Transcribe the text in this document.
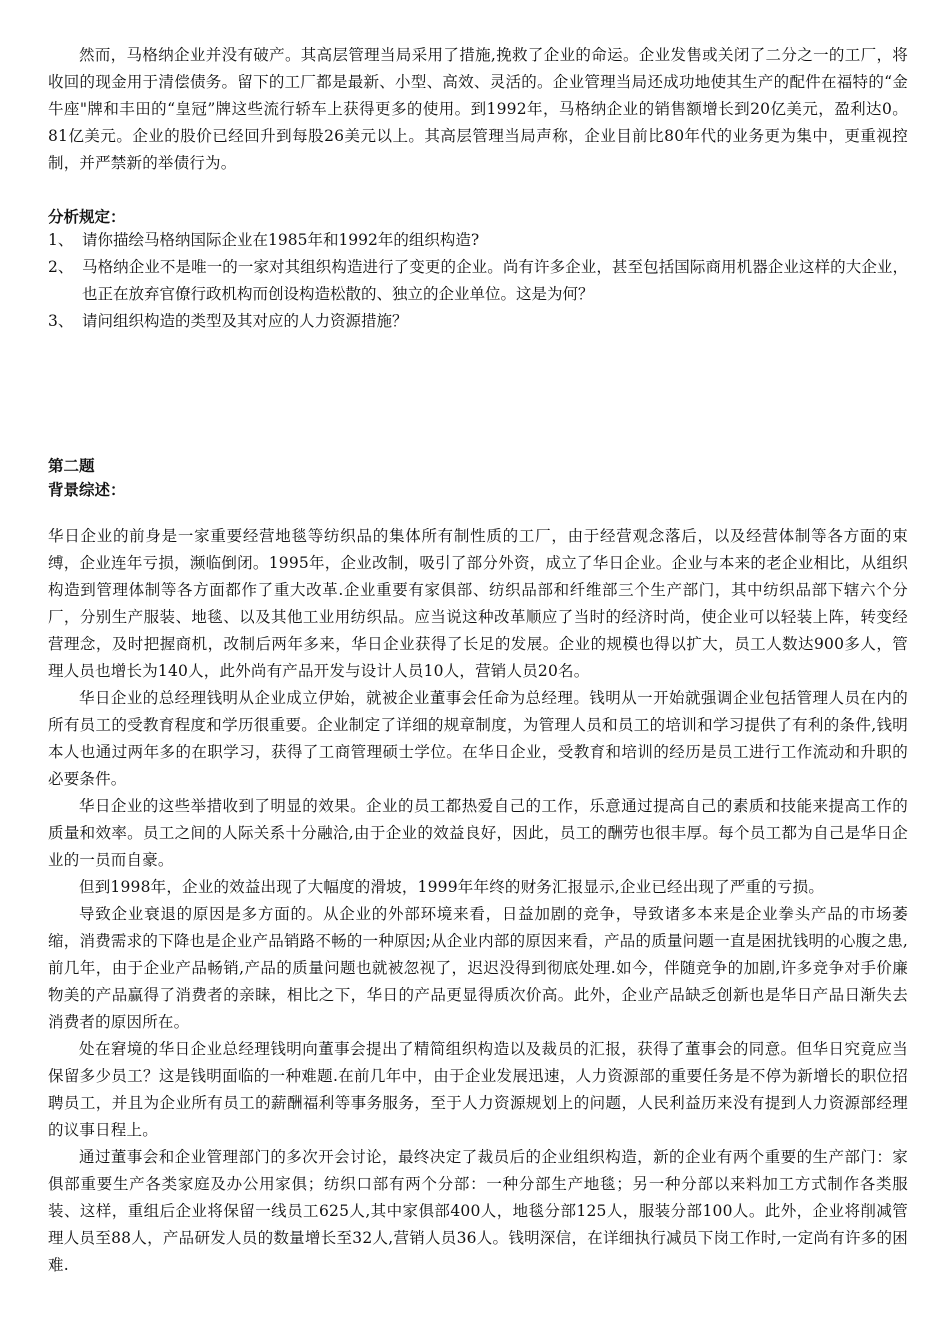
然而，马格纳企业并没有破产。其高层管理当局采用了措施,挽救了企业的命运。企业发售或关闭了二分之一的工厂，将收回的现金用于清偿债务。留下的工厂都是最新、小型、高效、灵活的。企业管理当局还成功地使其生产的配件在福特的“金牛座"牌和丰田的“皇冠”牌这些流行轿车上获得更多的使用。到1992年，马格纳企业的销售额增长到20亿美元，盈利达0。81亿美元。企业的股价已经回升到每股26美元以上。其高层管理当局声称，企业目前比80年代的业务更为集中，更重视控制，并严禁新的举债行为。

分析规定：

1、 请你描绘马格纳国际企业在1985年和1992年的组织构造?
2、 马格纳企业不是唯一的一家对其组织构造进行了变更的企业。尚有许多企业，甚至包括国际商用机器企业这样的大企业，也正在放弃官僚行政机构而创设构造松散的、独立的企业单位。这是为何？
3、 请问组织构造的类型及其对应的人力资源措施？

第二题

背景综述：

华日企业的前身是一家重要经营地毯等纺织品的集体所有制性质的工厂，由于经营观念落后，以及经营体制等各方面的束缚，企业连年亏损，濒临倒闭。1995年，企业改制，吸引了部分外资，成立了华日企业。企业与本来的老企业相比，从组织构造到管理体制等各方面都作了重大改革.企业重要有家俱部、纺织品部和纤维部三个生产部门，其中纺织品部下辖六个分厂，分别生产服装、地毯、以及其他工业用纺织品。应当说这种改革顺应了当时的经济时尚，使企业可以轻装上阵，转变经营理念，及时把握商机，改制后两年多来，华日企业获得了长足的发展。企业的规模也得以扩大，员工人数达900多人，管理人员也增长为140人，此外尚有产品开发与设计人员10人，营销人员20名。

华日企业的总经理钱明从企业成立伊始，就被企业董事会任命为总经理。钱明从一开始就强调企业包括管理人员在内的所有员工的受教育程度和学历很重要。企业制定了详细的规章制度，为管理人员和员工的培训和学习提供了有利的条件,钱明本人也通过两年多的在职学习，获得了工商管理硕士学位。在华日企业，受教育和培训的经历是员工进行工作流动和升职的必要条件。

华日企业的这些举措收到了明显的效果。企业的员工都热爱自己的工作，乐意通过提高自己的素质和技能来提高工作的质量和效率。员工之间的人际关系十分融洽,由于企业的效益良好，因此，员工的酬劳也很丰厚。每个员工都为自己是华日企业的一员而自豪。

但到1998年，企业的效益出现了大幅度的滑坡，1999年年终的财务汇报显示,企业已经出现了严重的亏损。

导致企业衰退的原因是多方面的。从企业的外部环境来看，日益加剧的竞争，导致诸多本来是企业拳头产品的市场萎缩，消费需求的下降也是企业产品销路不畅的一种原因;从企业内部的原因来看，产品的质量问题一直是困扰钱明的心腹之患,前几年，由于企业产品畅销,产品的质量问题也就被忽视了，迟迟没得到彻底处理.如今，伴随竞争的加剧,许多竞争对手价廉物美的产品赢得了消费者的亲睐，相比之下，华日的产品更显得质次价高。此外，企业产品缺乏创新也是华日产品日渐失去消费者的原因所在。

处在窘境的华日企业总经理钱明向董事会提出了精简组织构造以及裁员的汇报，获得了董事会的同意。但华日究竟应当保留多少员工？这是钱明面临的一种难题.在前几年中，由于企业发展迅速，人力资源部的重要任务是不停为新增长的职位招聘员工，并且为企业所有员工的薪酬福利等事务服务，至于人力资源规划上的问题，人民利益历来没有提到人力资源部经理的议事日程上。

通过董事会和企业管理部门的多次开会讨论，最终决定了裁员后的企业组织构造，新的企业有两个重要的生产部门：家俱部重要生产各类家庭及办公用家俱；纺织口部有两个分部：一种分部生产地毯；另一种分部以来料加工方式制作各类服装、这样，重组后企业将保留一线员工625人,其中家俱部400人，地毯分部125人，服装分部100人。此外，企业将削减管理人员至88人，产品研发人员的数量增长至32人,营销人员36人。钱明深信，在详细执行减员下岗工作时,一定尚有许多的困难.
